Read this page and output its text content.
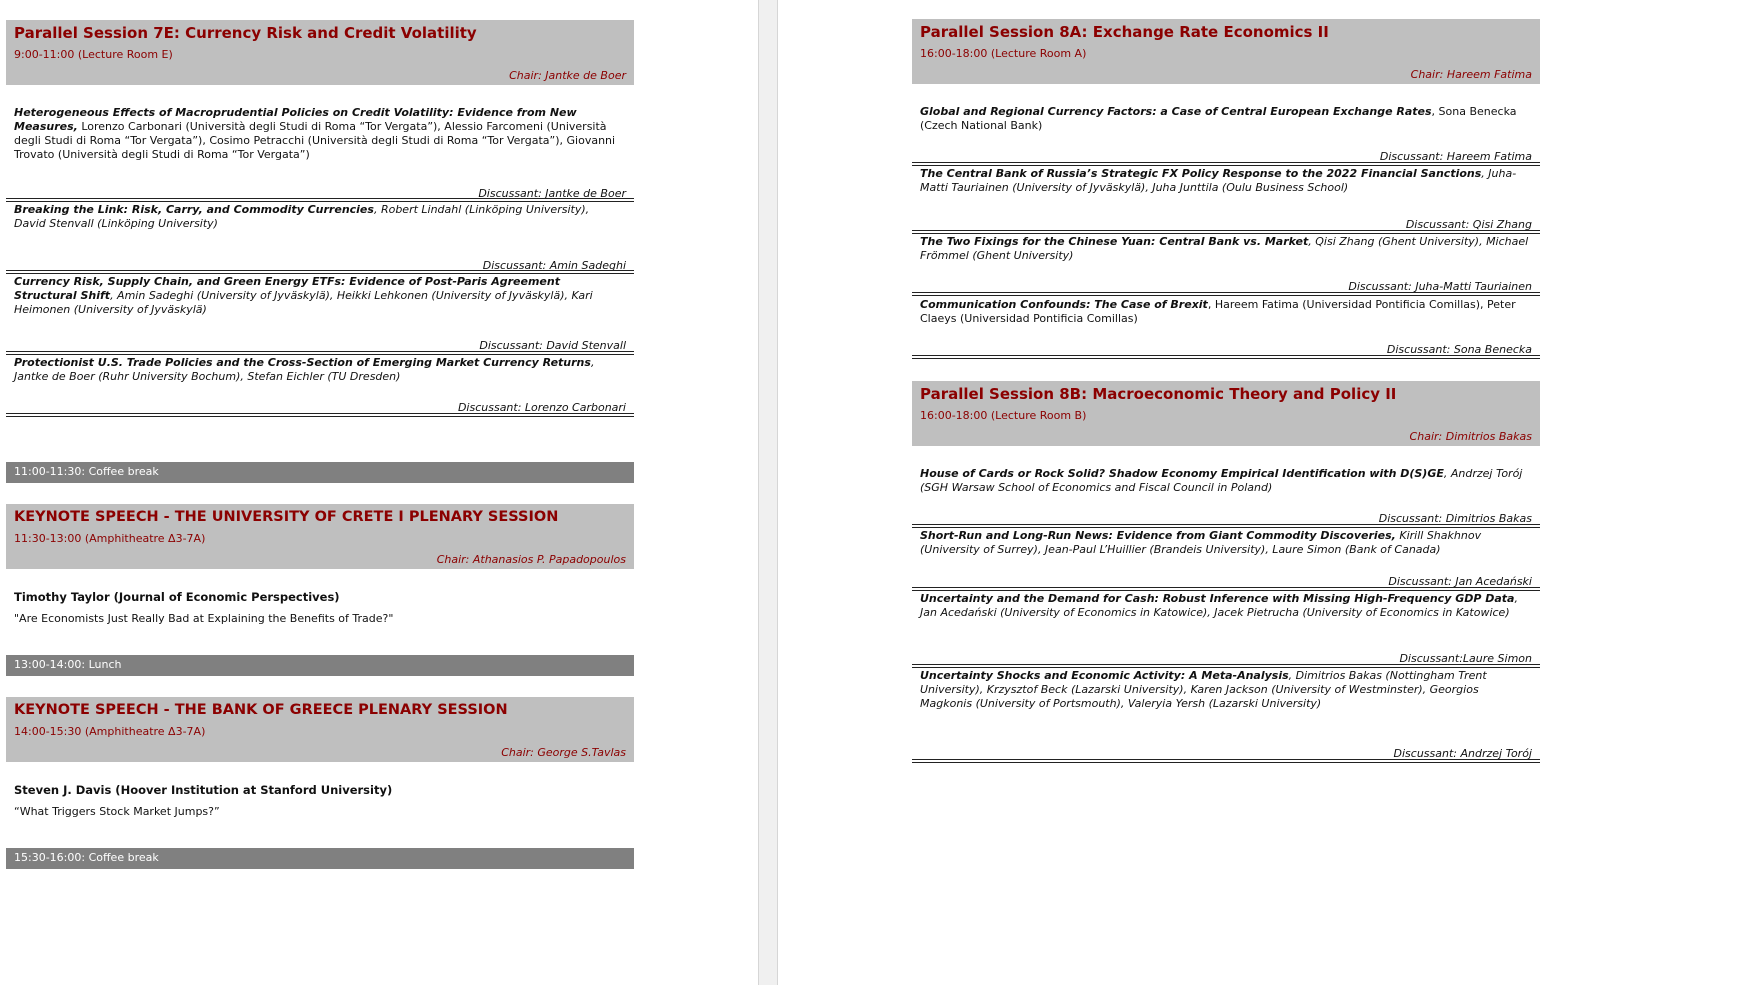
Parallel Session 7E: Currency Risk and Credit Volatility
9:00-11:00 (Lecture Room E)
Chair: Jantke de Boer
Heterogeneous Effects of Macroprudential Policies on Credit Volatility: Evidence from New Measures, Lorenzo Carbonari (Università degli Studi di Roma “Tor Vergata”), Alessio Farcomeni (Università degli Studi di Roma “Tor Vergata”), Cosimo Petracchi (Università degli Studi di Roma “Tor Vergata”), Giovanni Trovato (Università degli Studi di Roma “Tor Vergata”)
Discussant: Jantke de Boer
Breaking the Link: Risk, Carry, and Commodity Currencies, Robert Lindahl (Linköping University), David Stenvall (Linköping University)
Discussant: Amin Sadeghi
Currency Risk, Supply Chain, and Green Energy ETFs: Evidence of Post-Paris Agreement Structural Shift, Amin Sadeghi (University of Jyväskylä), Heikki Lehkonen (University of Jyväskylä), Kari Heimonen (University of Jyväskylä)
Discussant: David Stenvall
Protectionist U.S. Trade Policies and the Cross-Section of Emerging Market Currency Returns, Jantke de Boer (Ruhr University Bochum), Stefan Eichler (TU Dresden)
Discussant: Lorenzo Carbonari
11:00-11:30: Coffee break
KEYNOTE SPEECH - THE UNIVERSITY OF CRETE I PLENARY SESSION
11:30-13:00 (Amphitheatre Δ3-7A)
Chair: Athanasios P. Papadopoulos
Timothy Taylor (Journal of Economic Perspectives)
"Are Economists Just Really Bad at Explaining the Benefits of Trade?"
13:00-14:00: Lunch
KEYNOTE SPEECH - THE BANK OF GREECE PLENARY SESSION
14:00-15:30 (Amphitheatre Δ3-7A)
Chair: George S.Tavlas
Steven J. Davis (Hoover Institution at Stanford University)
“What Triggers Stock Market Jumps?”
15:30-16:00: Coffee break
Parallel Session 8A: Exchange Rate Economics II
16:00-18:00 (Lecture Room A)
Chair: Hareem Fatima
Global and Regional Currency Factors: a Case of Central European Exchange Rates, Sona Benecka (Czech National Bank)
Discussant: Hareem Fatima
The Central Bank of Russia’s Strategic FX Policy Response to the 2022 Financial Sanctions, Juha-Matti Tauriainen (University of Jyväskylä), Juha Junttila (Oulu Business School)
Discussant: Qisi Zhang
The Two Fixings for the Chinese Yuan: Central Bank vs. Market, Qisi Zhang (Ghent University), Michael Frömmel (Ghent University)
Discussant: Juha-Matti Tauriainen
Communication Confounds: The Case of Brexit, Hareem Fatima (Universidad Pontificia Comillas), Peter Claeys (Universidad Pontificia Comillas)
Discussant: Sona Benecka
Parallel Session 8B: Macroeconomic Theory and Policy II
16:00-18:00 (Lecture Room B)
Chair: Dimitrios Bakas
House of Cards or Rock Solid? Shadow Economy Empirical Identification with D(S)GE, Andrzej Torój (SGH Warsaw School of Economics and Fiscal Council in Poland)
Discussant: Dimitrios Bakas
Short-Run and Long-Run News: Evidence from Giant Commodity Discoveries, Kirill Shakhnov (University of Surrey), Jean-Paul L’Huillier (Brandeis University), Laure Simon (Bank of Canada)
Discussant: Jan Acedański
Uncertainty and the Demand for Cash: Robust Inference with Missing High-Frequency GDP Data, Jan Acedański (University of Economics in Katowice), Jacek Pietrucha (University of Economics in Katowice)
Discussant:Laure Simon
Uncertainty Shocks and Economic Activity: A Meta-Analysis, Dimitrios Bakas (Nottingham Trent University), Krzysztof Beck (Lazarski University), Karen Jackson (University of Westminster), Georgios Magkonis (University of Portsmouth), Valeryia Yersh (Lazarski University)
Discussant: Andrzej Torój
